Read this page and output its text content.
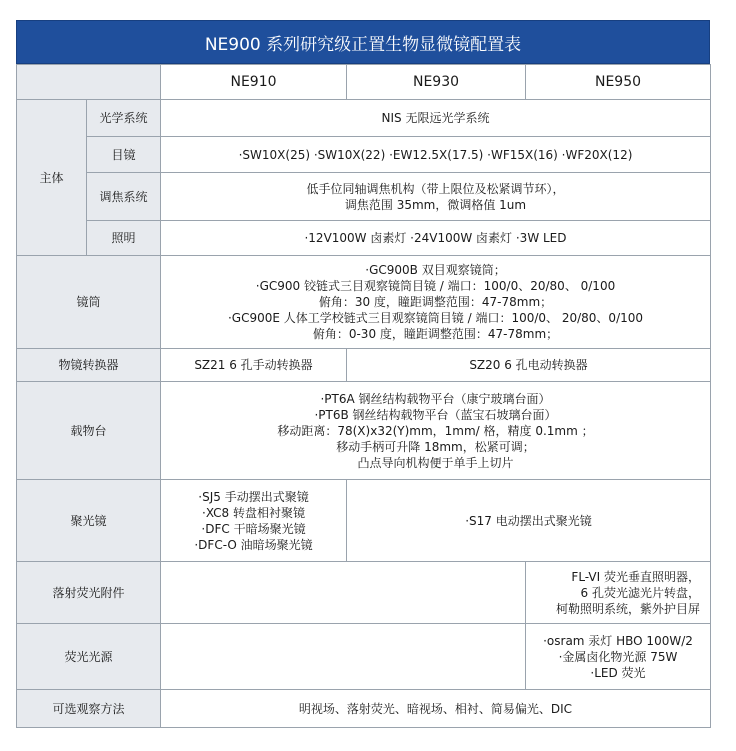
NE900 系列研究级正置生物显微镜配置表
		NE910	NE930	NE950
主体	光学系统	NIS 无限远光学系统		
	目镜	·SW10X(25) ·SW10X(22) ·EW12.5X(17.5) ·WF15X(16) ·WF20X(12)		
	调焦系统	低手位同轴调焦机构（带上限位及松紧调节环），
调焦范围 35mm，微调格值 1um		

	照明	·12V100W 卤素灯 ·24V100W 卤素灯 ·3W LED		
镜筒		·GC900B 双目观察镜筒；
·GC900 铰链式三目观察镜筒目镜 / 端口：100/0、20/80、 0/100
俯角：30 度，瞳距调整范围：47-78mm；
·GC900E 人体工学校链式三目观察镜筒目镜 / 端口：100/0、 20/80、0/100
俯角：0-30 度，瞳距调整范围：47-78mm；		

物镜转换器		SZ21 6 孔手动转换器	SZ20 6 孔电动转换器	
载物台		·PT6A 钢丝结构载物平台（康宁玻璃台面）
·PT6B 钢丝结构载物平台（蓝宝石坡璃台面）
移动距离：78(X)x32(Y)mm，1mm/ 格，精度 0.1mm ；
移动手柄可升降 18mm，松紧可调；
凸点导向机构便于单手上切片		

聚光镜		·SJ5 手动摆出式聚镜
·XC8 转盘相衬聚镜
·DFC 干暗场聚光镜
·DFC-O 油暗场聚光镜	·S17 电动摆出式聚光镜	
落射荧光附件				FL-VI 荧光垂直照明器，
6 孔荧光滤光片转盘，
柯勒照明系统，紫外护目屏

荧光光源				·osram 汞灯 HBO 100W/2
·金属卤化物光源 75W
·LED 荧光

可选观察方法		明视场、落射荧光、暗视场、相衬、简易偏光、DIC		
